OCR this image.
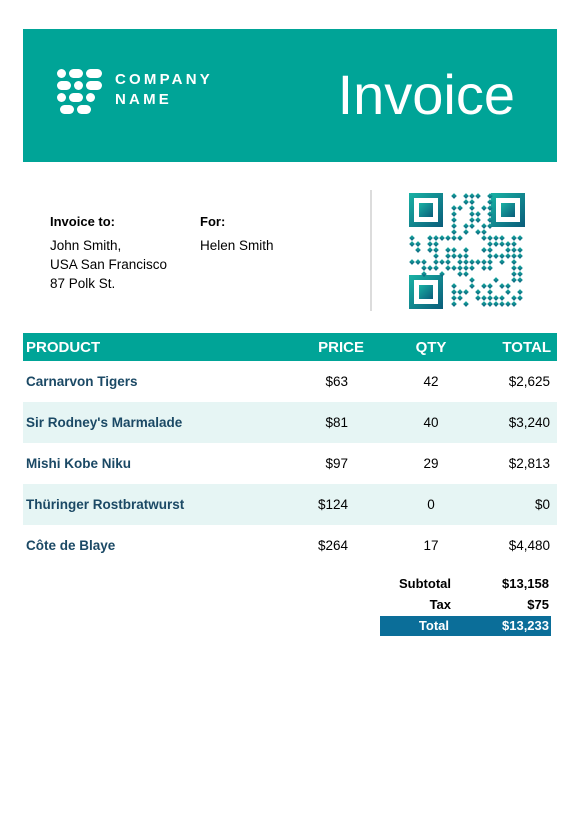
COMPANY
NAME	Invoice
Invoice to:
John Smith,
USA San Francisco
87 Polk St.
For:
Helen Smith
PRODUCT	PRICE	QTY	TOTAL
Carnarvon Tigers	$63	42	$2,625
Sir Rodney's Marmalade	$81	40	$3,240
Mishi Kobe Niku	$97	29	$2,813
Thüringer Rostbratwurst	$124	0	$0
Côte de Blaye	$264	17	$4,480
Subtotal	$13,158
Tax	$75
Total	$13,233
